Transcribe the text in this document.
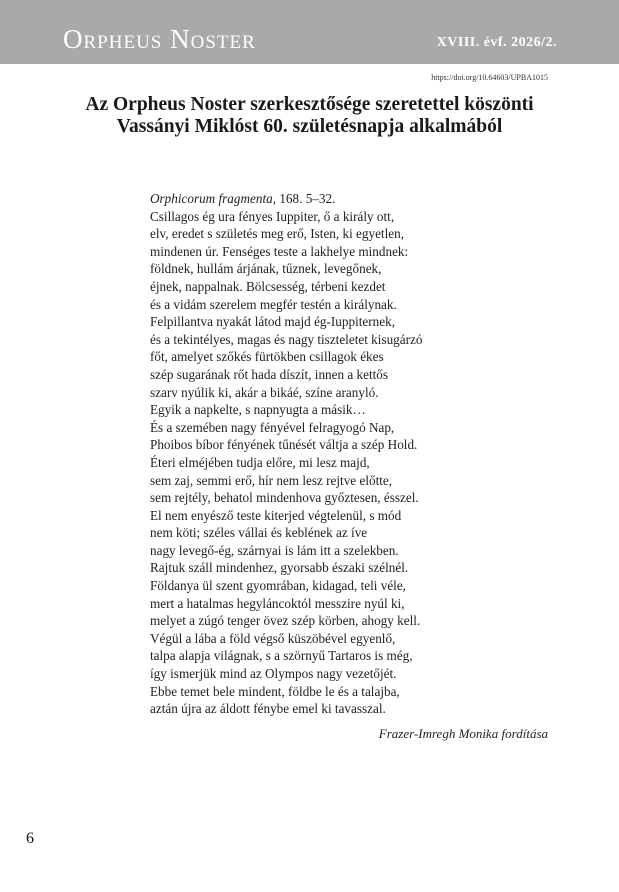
Orpheus Noster	XVIII. évf. 2026/2.
https://doi.org/10.64603/UPBA1015
Az Orpheus Noster szerkesztősége szeretettel köszönti
Vassányi Miklóst 60. születésnapja alkalmából
Orphicorum fragmenta, 168. 5–32.
Csillagos ég ura fényes Iuppiter, ő a király ott,
elv, eredet s születés meg erő, Isten, ki egyetlen,
mindenen úr. Fenséges teste a lakhelye mindnek:
földnek, hullám árjának, tűznek, levegőnek,
éjnek, nappalnak. Bölcsesség, térbeni kezdet
és a vidám szerelem megfér testén a királynak.
Felpillantva nyakát látod majd ég-Iuppiternek,
és a tekintélyes, magas és nagy tiszteletet kisugárzó
főt, amelyet szőkés fürtökben csillagok ékes
szép sugarának rőt hada díszít, innen a kettős
szarv nyúlik ki, akár a bikáé, színe aranyló.
Egyik a napkelte, s napnyugta a másik…
És a szemében nagy fényével felragyogó Nap,
Phoibos bíbor fényének tűnését váltja a szép Hold.
Éteri elméjében tudja előre, mi lesz majd,
sem zaj, semmi erő, hír nem lesz rejtve előtte,
sem rejtély, behatol mindenhova győztesen, ésszel.
El nem enyésző teste kiterjed végtelenül, s mód
nem köti; széles vállai és keblének az íve
nagy levegő-ég, szárnyai is lám itt a szelekben.
Rajtuk száll mindenhez, gyorsabb északi szélnél.
Földanya ül szent gyomrában, kidagad, teli véle,
mert a hatalmas hegyláncoktól messzire nyúl ki,
melyet a zúgó tenger övez szép körben, ahogy kell.
Végül a lába a föld végső küszöbével egyenlő,
talpa alapja világnak, s a szörnyű Tartaros is még,
így ismerjük mind az Olympos nagy vezetőjét.
Ebbe temet bele mindent, földbe le és a talajba,
aztán újra az áldott fénybe emel ki tavasszal.
Frazer-Imregh Monika fordítása
6
